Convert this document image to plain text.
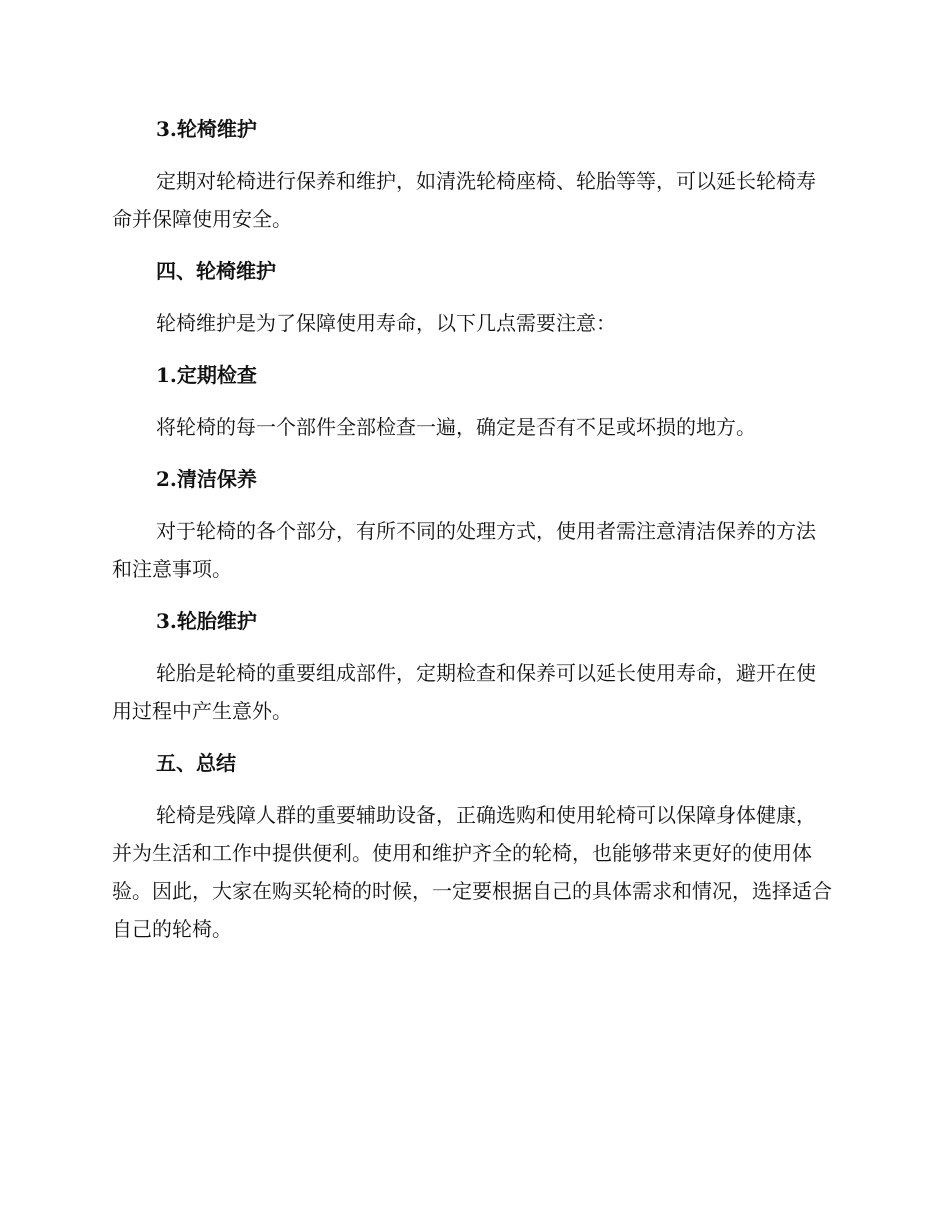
3.轮椅维护

定期对轮椅进行保养和维护，如清洗轮椅座椅、轮胎等等，可以延长轮椅寿命并保障使用安全。

四、轮椅维护

轮椅维护是为了保障使用寿命，以下几点需要注意：

1.定期检查

将轮椅的每一个部件全部检查一遍，确定是否有不足或坏损的地方。

2.清洁保养

对于轮椅的各个部分，有所不同的处理方式，使用者需注意清洁保养的方法和注意事项。

3.轮胎维护

轮胎是轮椅的重要组成部件，定期检查和保养可以延长使用寿命，避开在使用过程中产生意外。

五、总结

轮椅是残障人群的重要辅助设备，正确选购和使用轮椅可以保障身体健康，并为生活和工作中提供便利。使用和维护齐全的轮椅，也能够带来更好的使用体验。因此，大家在购买轮椅的时候，一定要根据自己的具体需求和情况，选择适合自己的轮椅。
